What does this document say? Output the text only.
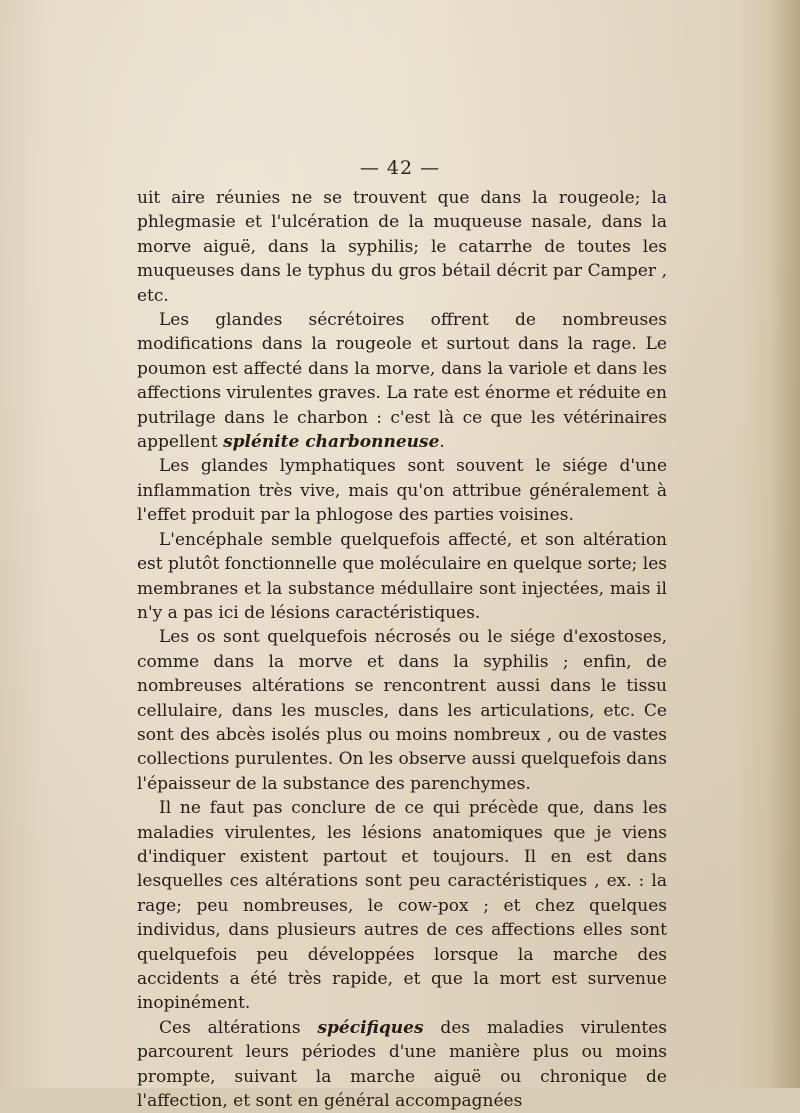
— 42 —

uit aire réunies ne se trouvent que dans la rougeole; la phlegmasie et l'ulcération de la muqueuse nasale, dans la morve aiguë, dans la syphilis; le catarrhe de toutes les muqueuses dans le typhus du gros bétail décrit par Camper , etc.

Les glandes sécrétoires offrent de nombreuses modifications dans la rougeole et surtout dans la rage. Le poumon est affecté dans la morve, dans la variole et dans les affections virulentes graves. La rate est énorme et réduite en putrilage dans le charbon : c'est là ce que les vétérinaires appellent splénite charbonneuse.

Les glandes lymphatiques sont souvent le siége d'une inflammation très vive, mais qu'on attribue généralement à l'effet produit par la phlogose des parties voisines.

L'encéphale semble quelquefois affecté, et son altération est plutôt fonctionnelle que moléculaire en quelque sorte; les membranes et la substance médullaire sont injectées, mais il n'y a pas ici de lésions caractéristiques.

Les os sont quelquefois nécrosés ou le siége d'exostoses, comme dans la morve et dans la syphilis ; enfin, de nombreuses altérations se rencontrent aussi dans le tissu cellulaire, dans les muscles, dans les articulations, etc. Ce sont des abcès isolés plus ou moins nombreux , ou de vastes collections purulentes. On les observe aussi quelquefois dans l'épaisseur de la substance des parenchymes.

Il ne faut pas conclure de ce qui précède que, dans les maladies virulentes, les lésions anatomiques que je viens d'indiquer existent partout et toujours. Il en est dans lesquelles ces altérations sont peu caractéristiques , ex. : la rage; peu nombreuses, le cow-pox ; et chez quelques individus, dans plusieurs autres de ces affections elles sont quelquefois peu développées lorsque la marche des accidents a été très rapide, et que la mort est survenue inopinément.

Ces altérations spécifiques des maladies virulentes parcourent leurs périodes d'une manière plus ou moins prompte, suivant la marche aiguë ou chronique de l'affection, et sont en général accompagnées
